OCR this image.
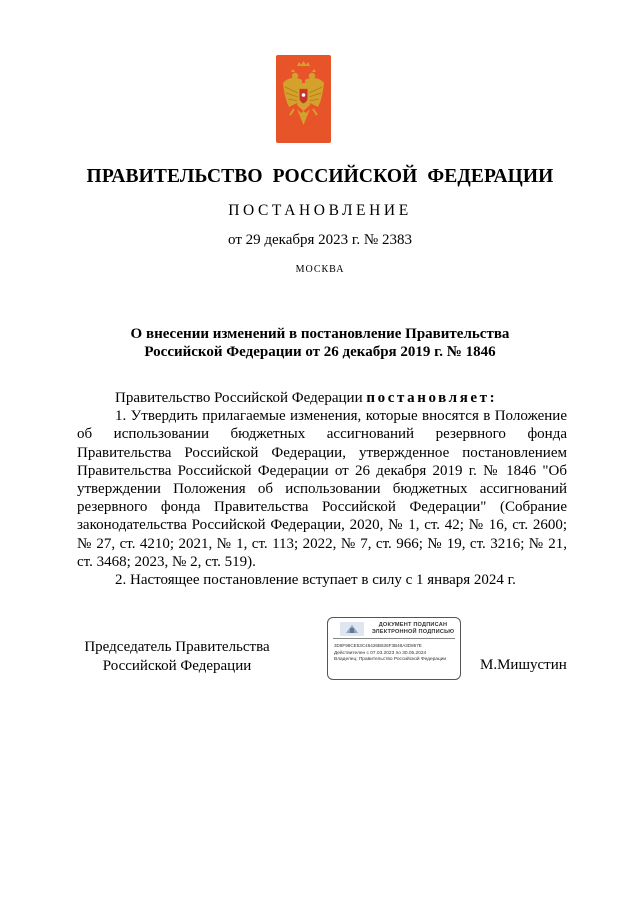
ПРАВИТЕЛЬСТВО РОССИЙСКОЙ ФЕДЕРАЦИИ
ПОСТАНОВЛЕНИЕ
от 29 декабря 2023 г. № 2383
МОСКВА
О внесении изменений в постановление Правительства
Российской Федерации от 26 декабря 2019 г. № 1846

Правительство Российской Федерации постановляет:

1. Утвердить прилагаемые изменения, которые вносятся в Положение об использовании бюджетных ассигнований резервного фонда Правительства Российской Федерации, утвержденное постановлением Правительства Российской Федерации от 26 декабря 2019 г. № 1846 "Об утверждении Положения об использовании бюджетных ассигнований резервного фонда Правительства Российской Федерации" (Собрание законодательства Российской Федерации, 2020, № 1, ст. 42; № 16, ст. 2600; № 27, ст. 4210; 2021, № 1, ст. 113; 2022, № 7, ст. 966; № 19, ст. 3216; № 21, ст. 3468; 2023, № 2, ст. 519).

2. Настоящее постановление вступает в силу с 1 января 2024 г.

Председатель Правительства
Российской Федерации
ДОКУМЕНТ ПОДПИСАН
ЭЛЕКТРОННОЙ ПОДПИСЬЮ
3D8F98CE53C46426B636F3B48A3D867E
Действителен с 07.03.2023 по 30.05.2024
Владелец: Правительство Российской Федерации	М.Мишустин
